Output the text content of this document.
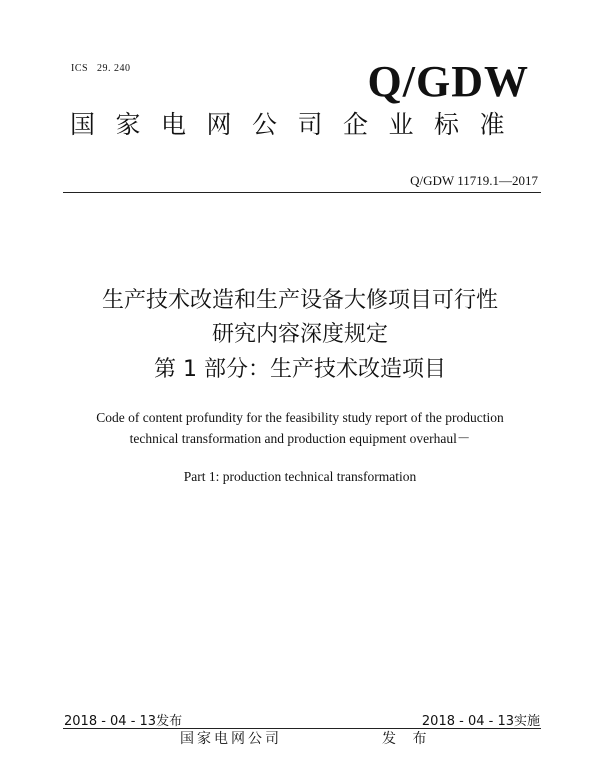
ICS   29. 240	Q/GDW
国家电网公司企业标准
Q/GDW 11719.1—2017
生产技术改造和生产设备大修项目可行性
研究内容深度规定
第 1 部分：生产技术改造项目
Code of content profundity for the feasibility study report of the production
technical transformation and production equipment overhaul－
Part 1: production technical transformation
2018 - 04 - 13发布	2018 - 04 - 13实施
国家电网公司	发 布
